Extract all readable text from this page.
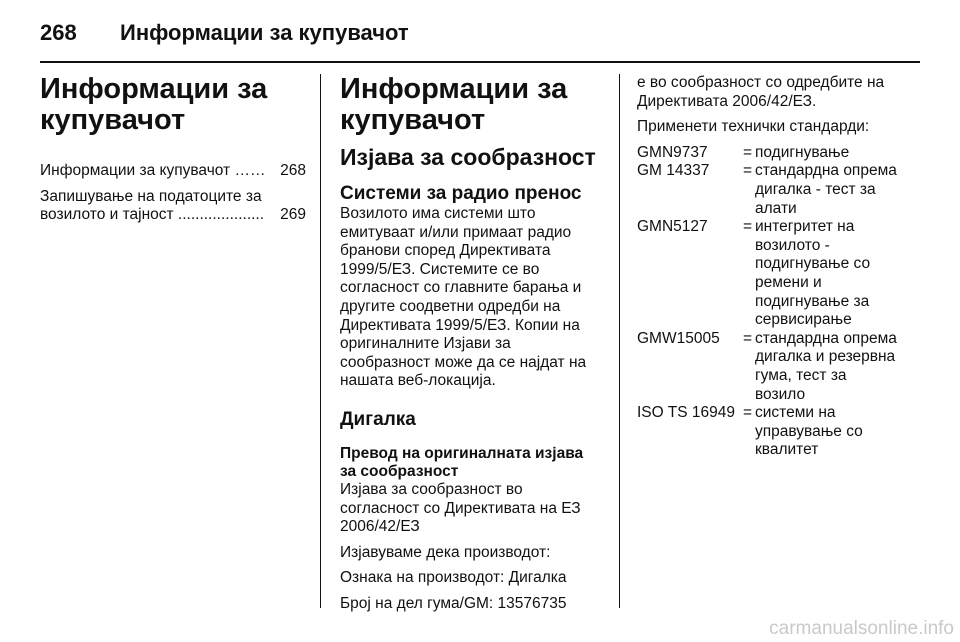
268 Информации за купувачот
Информации за купувачот
Информации за купувачот …… 268
Запишување на податоците за
возилото и тајност .................... 269
Информации за купувачот
Изјава за сообразност
Системи за радио пренос

Возилото има системи што емитуваат и/или примаат радио бранови според Директивата 1999/5/ЕЗ. Системите се во согласност со главните барања и другите соодветни одредби на Директивата 1999/5/ЕЗ. Копии на оригиналните Изјави за сообразност може да се најдат на нашата веб-локација.

Дигалка
Превод на оригиналната изјава за сообразност

Изјава за сообразност во согласност со Директивата на ЕЗ 2006/42/ЕЗ

Изјавуваме дека производот:

Ознака на производот: Дигалка

Број на дел гума/GM: 13576735

е во сообразност со одредбите на Директивата 2006/42/ЕЗ.

Применети технички стандарди:

GMN9737	=	подигнување
GM 14337	=	стандардна опрема дигалка - тест за алати
GMN5127	=	интегритет на возилото - подигнување со ремени и подигнување за сервисирање
GMW15005	=	стандардна опрема дигалка и резервна гума, тест за возило
ISO TS 16949	=	системи на управување со квалитет
carmanualsonline.info
